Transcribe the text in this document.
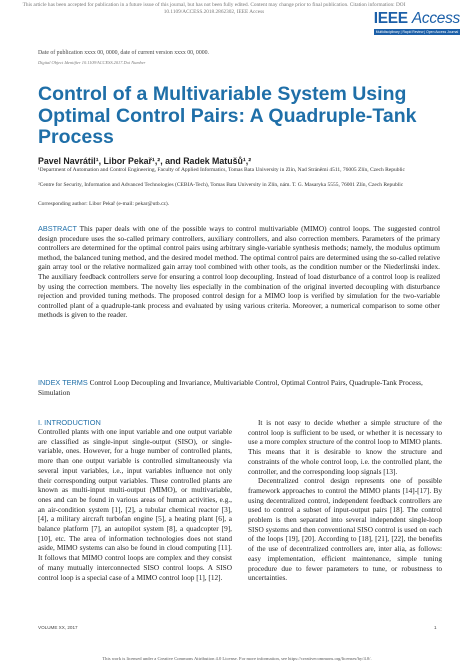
This article has been accepted for publication in a future issue of this journal, but has not been fully edited. Content may change prior to final publication. Citation information: DOI 10.1109/ACCESS.2018.2862302, IEEE Access	IEEE Access
Multidisciplinary | Rapid Review | Open Access Journal
Date of publication xxxx 00, 0000, date of current version xxxx 00, 0000.
Digital Object Identifier 10.1109/ACCESS.2017.Doi Number
Control of a Multivariable System Using Optimal Control Pairs: A Quadruple-Tank Process
Pavel Navrátil¹, Libor Pekař¹,², and Radek Matušů¹,²
¹Department of Automation and Control Engineering, Faculty of Applied Informatics, Tomas Bata University in Zlín, Nad Stráněmi 4511, 76005 Zlín, Czech Republic
²Centre for Security, Information and Advanced Technologies (CEBIA-Tech), Tomas Bata University in Zlín, nám. T. G. Masaryka 5555, 76001 Zlín, Czech Republic
Corresponding author: Libor Pekař (e-mail: pekar@utb.cz).
ABSTRACT This paper deals with one of the possible ways to control multivariable (MIMO) control loops. The suggested control design procedure uses the so-called primary controllers, auxiliary controllers, and also correction members. Parameters of the primary controllers are determined for the optimal control pairs using arbitrary single-variable synthesis methods; namely, the modulus optimum method, the balanced tuning method, and the desired model method. The optimal control pairs are determined using the so-called relative gain array tool or the relative normalized gain array tool combined with other tools, as the condition number or the Niederlinski index. The auxiliary feedback controllers serve for ensuring a control loop decoupling. Instead of load disturbance of a control loop is realized by using the correction members. The novelty lies especially in the combination of the original inverted decoupling with disturbance rejection and provided tuning methods. The proposed control design for a MIMO loop is verified by simulation for the two-variable controlled plant of a quadruple-tank process and evaluated by using various criteria. Moreover, a numerical comparison to some other methods is given to the reader.
INDEX TERMS Control Loop Decoupling and Invariance, Multivariable Control, Optimal Control Pairs, Quadruple-Tank Process, Simulation
I. INTRODUCTION

Controlled plants with one input variable and one output variable are classified as single-input single-output (SISO), or single-variable, ones. However, for a huge number of controlled plants, more than one output variable is controlled simultaneously via several input variables, i.e., input variables influence not only their corresponding output variables. These controlled plants are known as multi-input multi-output (MIMO), or multivariable, ones and can be found in various areas of human activities, e.g., an air-condition system [1], [2], a tubular chemical reactor [3], [4], a military aircraft turbofan engine [5], a heating plant [6], a balance platform [7], an autopilot system [8], a quadcopter [9], [10], etc. The area of information technologies does not stand aside, MIMO systems can also be found in cloud computing [11]. It follows that MIMO control loops are complex and they consist of many mutually interconnected SISO control loops. A SISO control loop is a special case of a MIMO control loop [1], [12].

It is not easy to decide whether a simple structure of the control loop is sufficient to be used, or whether it is necessary to use a more complex structure of the control loop to MIMO plants. This means that it is desirable to know the structure and constraints of the whole control loop, i.e. the controlled plant, the controller, and the corresponding loop signals [13].

Decentralized control design represents one of possible framework approaches to control the MIMO plants [14]-[17]. By using decentralized control, independent feedback controllers are used to control a subset of input-output pairs [18]. The control problem is then separated into several independent single-loop SISO systems and then conventional SISO control is used on each of the loops [19], [20]. According to [18], [21], [22], the benefits of the use of decentralized controllers are, inter alia, as follows: easy implementation, efficient maintenance, simple tuning procedure due to fewer parameters to tune, or robustness to uncertainties.

VOLUME XX, 2017	1
This work is licensed under a Creative Commons Attribution 4.0 License. For more information, see https://creativecommons.org/licenses/by/4.0/.
